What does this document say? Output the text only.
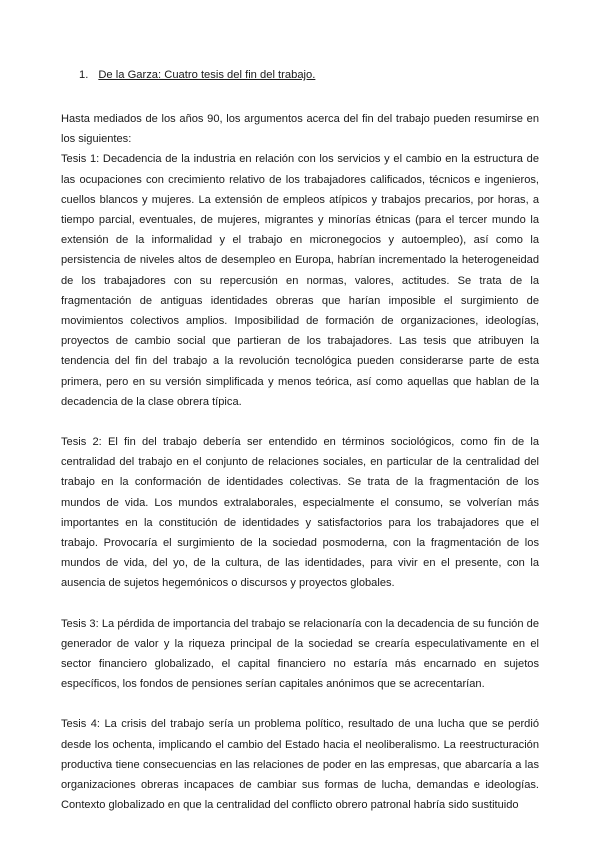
1. De la Garza: Cuatro tesis del fin del trabajo.

Hasta mediados de los años 90, los argumentos acerca del fin del trabajo pueden resumirse en los siguientes:

Tesis 1: Decadencia de la industria en relación con los servicios y el cambio en la estructura de las ocupaciones con crecimiento relativo de los trabajadores calificados, técnicos e ingenieros, cuellos blancos y mujeres. La extensión de empleos atípicos y trabajos precarios, por horas, a tiempo parcial, eventuales, de mujeres, migrantes y minorías étnicas (para el tercer mundo la extensión de la informalidad y el trabajo en micronegocios y autoempleo), así como la persistencia de niveles altos de desempleo en Europa, habrían incrementado la heterogeneidad de los trabajadores con su repercusión en normas, valores, actitudes. Se trata de la fragmentación de antiguas identidades obreras que harían imposible el surgimiento de movimientos colectivos amplios. Imposibilidad de formación de organizaciones, ideologías, proyectos de cambio social que partieran de los trabajadores. Las tesis que atribuyen la tendencia del fin del trabajo a la revolución tecnológica pueden considerarse parte de esta primera, pero en su versión simplificada y menos teórica, así como aquellas que hablan de la decadencia de la clase obrera típica.

Tesis 2: El fin del trabajo debería ser entendido en términos sociológicos, como fin de la centralidad del trabajo en el conjunto de relaciones sociales, en particular de la centralidad del trabajo en la conformación de identidades colectivas. Se trata de la fragmentación de los mundos de vida. Los mundos extralaborales, especialmente el consumo, se volverían más importantes en la constitución de identidades y satisfactorios para los trabajadores que el trabajo. Provocaría el surgimiento de la sociedad posmoderna, con la fragmentación de los mundos de vida, del yo, de la cultura, de las identidades, para vivir en el presente, con la ausencia de sujetos hegemónicos o discursos y proyectos globales.

Tesis 3: La pérdida de importancia del trabajo se relacionaría con la decadencia de su función de generador de valor y la riqueza principal de la sociedad se crearía especulativamente en el sector financiero globalizado, el capital financiero no estaría más encarnado en sujetos específicos, los fondos de pensiones serían capitales anónimos que se acrecentarían.

Tesis 4: La crisis del trabajo sería un problema político, resultado de una lucha que se perdió desde los ochenta, implicando el cambio del Estado hacia el neoliberalismo. La reestructuración productiva tiene consecuencias en las relaciones de poder en las empresas, que abarcaría a las organizaciones obreras incapaces de cambiar sus formas de lucha, demandas e ideologías. Contexto globalizado en que la centralidad del conflicto obrero patronal habría sido sustituido
